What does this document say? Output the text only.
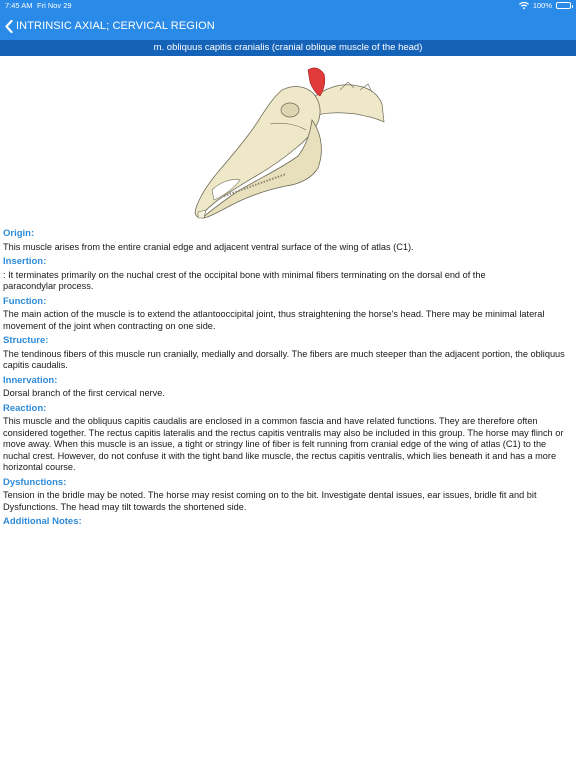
7:45 AM Fri Nov 29	100%
INTRINSIC AXIAL; CERVICAL REGION
m. obliquus capitis cranialis (cranial oblique muscle of the head)
Origin:
This muscle arises from the entire cranial edge and adjacent ventral surface of the wing of atlas (C1).
Insertion:
: It terminates primarily on the nuchal crest of the occipital bone with minimal fibers terminating on the dorsal end of the
paracondylar process.
Function:
The main action of the muscle is to extend the atlantooccipital joint, thus straightening the horse's head. There may be minimal lateral
movement of the joint when contracting on one side.
Structure:
The tendinous fibers of this muscle run cranially, medially and dorsally. The fibers are much steeper than the adjacent portion, the obliquus
capitis caudalis.
Innervation:
Dorsal branch of the first cervical nerve.
Reaction:
This muscle and the obliquus capitis caudalis are enclosed in a common fascia and have related functions. They are therefore often
considered together. The rectus capitis lateralis and the rectus capitis ventralis may also be included in this group. The horse may flinch or
move away. When this muscle is an issue, a tight or stringy line of fiber is felt running from cranial edge of the wing of atlas (C1) to the
nuchal crest. However, do not confuse it with the tight band like muscle, the rectus capitis ventralis, which lies beneath it and has a more
horizontal course.
Dysfunctions:
Tension in the bridle may be noted. The horse may resist coming on to the bit. Investigate dental issues, ear issues, bridle fit and bit
Dysfunctions. The head may tilt towards the shortened side.
Additional Notes:
